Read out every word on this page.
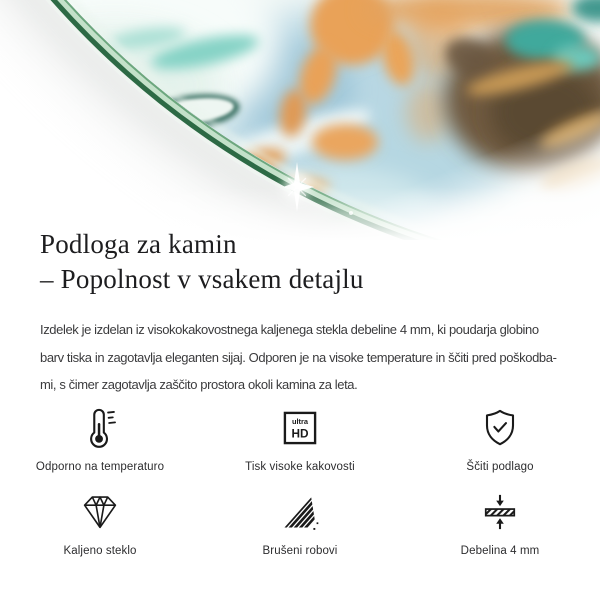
Podloga za kamin
– Popolnost v vsakem detajlu
Izdelek je izdelan iz visokokakovostnega kaljenega stekla debeline 4 mm, ki poudarja globino
barv tiska in zagotavlja eleganten sijaj. Odporen je na visoke temperature in ščiti pred poškodba-
mi, s čimer zagotavlja zaščito prostora okoli kamina za leta.
Odporno na temperaturo
ultra
HD
Tisk visoke kakovosti	Ščiti podlago
Kaljeno steklo	Brušeni robovi	Debelina 4 mm
